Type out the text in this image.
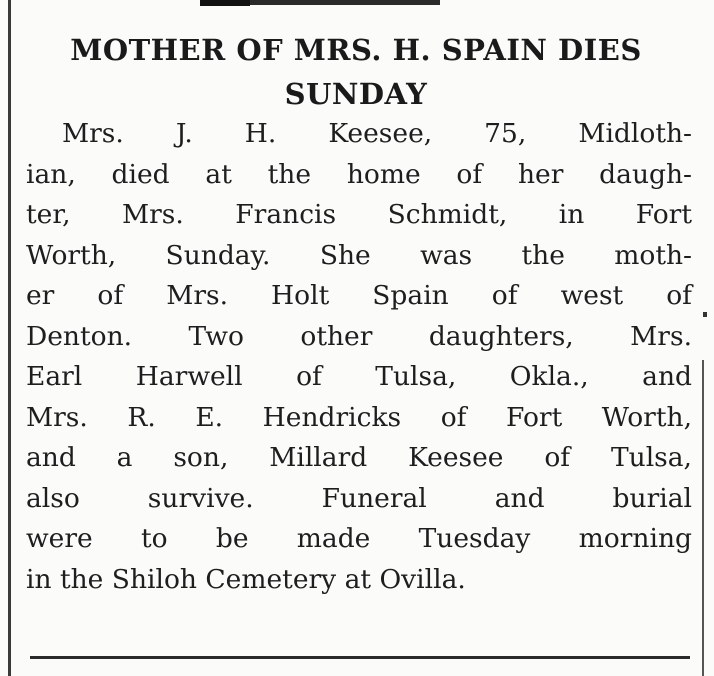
MOTHER OF MRS. H. SPAIN DIES
SUNDAY

Mrs. J. H. Keesee, 75, Midloth-
ian, died at the home of her daugh-
ter, Mrs. Francis Schmidt, in Fort
Worth, Sunday. She was the moth-
er of Mrs. Holt Spain of west of
Denton. Two other daughters, Mrs.
Earl Harwell of Tulsa, Okla., and
Mrs. R. E. Hendricks of Fort Worth,
and a son, Millard Keesee of Tulsa,
also survive. Funeral and burial
were to be made Tuesday morning
in the Shiloh Cemetery at Ovilla.
